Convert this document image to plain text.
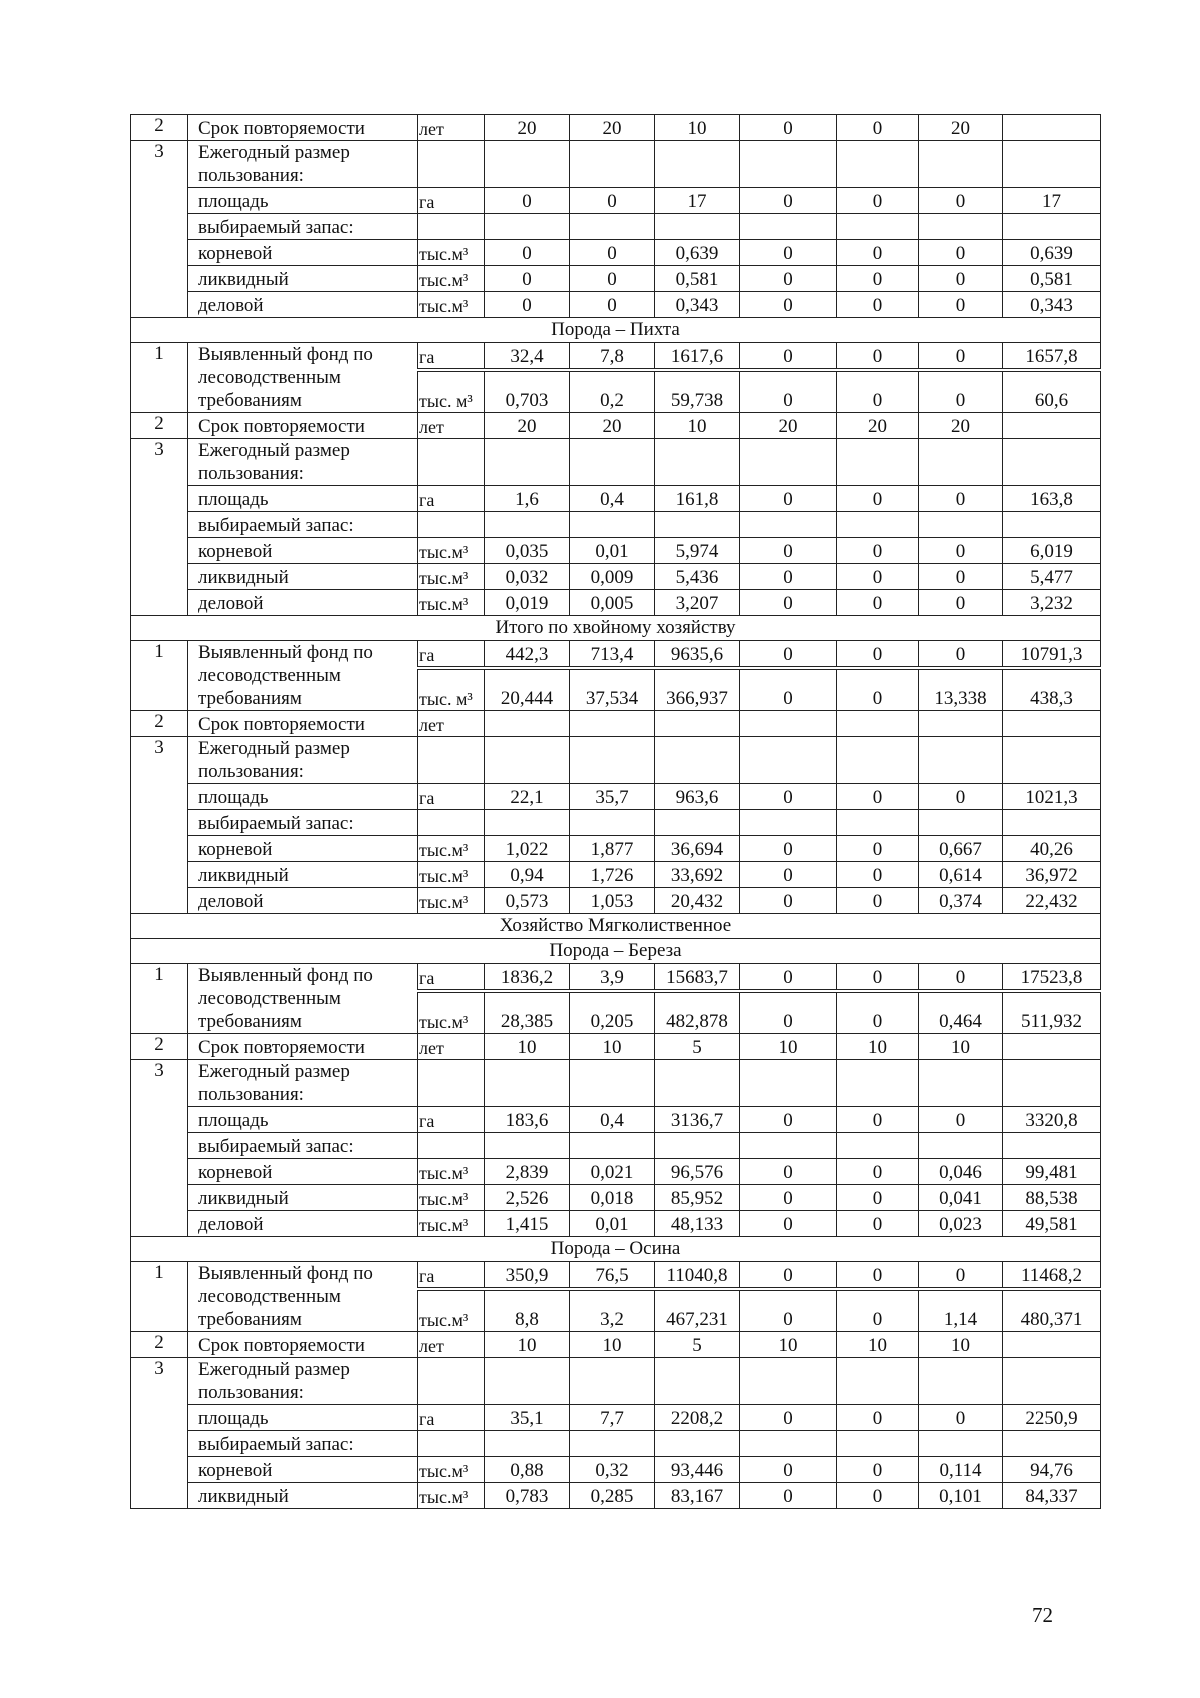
2	Срок повторяемости	лет	20	20	10	0	0	20	
3	Ежегодный размер пользования:								
	площадь	га	0	0	17	0	0	0	17
	выбираемый запас:								
	корневой	тыс.м³	0	0	0,639	0	0	0	0,639
	ликвидный	тыс.м³	0	0	0,581	0	0	0	0,581
	деловой	тыс.м³	0	0	0,343	0	0	0	0,343
Порода – Пихта									
1	Выявленный фонд по лесоводственным требованиям	га	32,4	7,8	1617,6	0	0	0	1657,8
		тыс. м³	0,703	0,2	59,738	0	0	0	60,6
2	Срок повторяемости	лет	20	20	10	20	20	20	
3	Ежегодный размер пользования:								
	площадь	га	1,6	0,4	161,8	0	0	0	163,8
	выбираемый запас:								
	корневой	тыс.м³	0,035	0,01	5,974	0	0	0	6,019
	ликвидный	тыс.м³	0,032	0,009	5,436	0	0	0	5,477
	деловой	тыс.м³	0,019	0,005	3,207	0	0	0	3,232
Итого по хвойному хозяйству									
1	Выявленный фонд по лесоводственным требованиям	га	442,3	713,4	9635,6	0	0	0	10791,3
		тыс. м³	20,444	37,534	366,937	0	0	13,338	438,3
2	Срок повторяемости	лет							
3	Ежегодный размер пользования:								
	площадь	га	22,1	35,7	963,6	0	0	0	1021,3
	выбираемый запас:								
	корневой	тыс.м³	1,022	1,877	36,694	0	0	0,667	40,26
	ликвидный	тыс.м³	0,94	1,726	33,692	0	0	0,614	36,972
	деловой	тыс.м³	0,573	1,053	20,432	0	0	0,374	22,432
Хозяйство Мягколиственное									
Порода – Береза									
1	Выявленный фонд по лесоводственным требованиям	га	1836,2	3,9	15683,7	0	0	0	17523,8
		тыс.м³	28,385	0,205	482,878	0	0	0,464	511,932
2	Срок повторяемости	лет	10	10	5	10	10	10	
3	Ежегодный размер пользования:								
	площадь	га	183,6	0,4	3136,7	0	0	0	3320,8
	выбираемый запас:								
	корневой	тыс.м³	2,839	0,021	96,576	0	0	0,046	99,481
	ликвидный	тыс.м³	2,526	0,018	85,952	0	0	0,041	88,538
	деловой	тыс.м³	1,415	0,01	48,133	0	0	0,023	49,581
Порода – Осина									
1	Выявленный фонд по лесоводственным требованиям	га	350,9	76,5	11040,8	0	0	0	11468,2
		тыс.м³	8,8	3,2	467,231	0	0	1,14	480,371
2	Срок повторяемости	лет	10	10	5	10	10	10	
3	Ежегодный размер пользования:								
	площадь	га	35,1	7,7	2208,2	0	0	0	2250,9
	выбираемый запас:								
	корневой	тыс.м³	0,88	0,32	93,446	0	0	0,114	94,76
	ликвидный	тыс.м³	0,783	0,285	83,167	0	0	0,101	84,337
72
